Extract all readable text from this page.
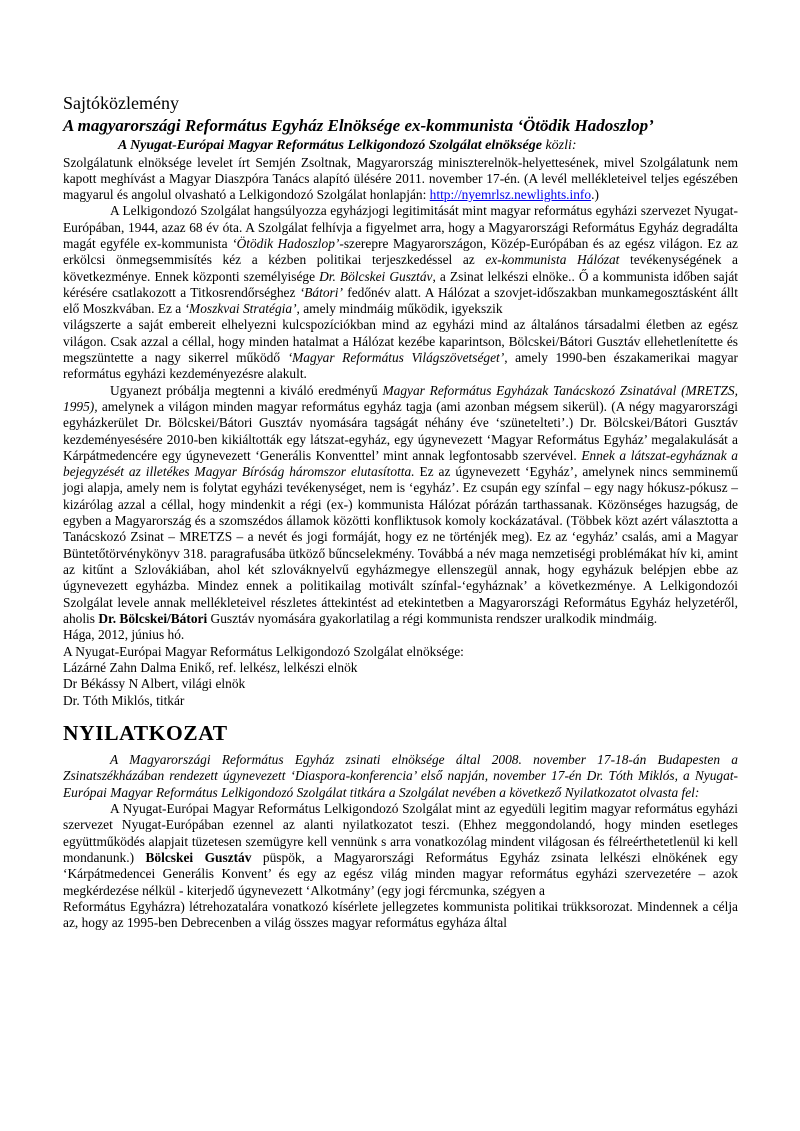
Sajtóközlemény
A magyarországi Református Egyház Elnöksége ex-kommunista ‘Ötödik Hadoszlop’
A Nyugat-Európai Magyar Református Lelkigondozó Szolgálat elnöksége közli:

Szolgálatunk elnöksége levelet írt Semjén Zsoltnak, Magyarország miniszterelnök-helyettesének, mivel Szolgálatunk nem kapott meghívást a Magyar Diaszpóra Tanács alapító ülésére 2011. november 17-én. (A levél mellékleteivel teljes egészében magyarul és angolul olvasható a Lelkigondozó Szolgálat honlapján: http://nyemrlsz.newlights.info.)

A Lelkigondozó Szolgálat hangsúlyozza egyházjogi legitimitását mint magyar református egyházi szervezet Nyugat-Európában, 1944, azaz 68 év óta. A Szolgálat felhívja a figyelmet arra, hogy a Magyarországi Református Egyház degradálta magát egyféle ex-kommunista ‘Ötödik Hadoszlop’-szerepre Magyarországon, Közép-Európában és az egész világon. Ez az erkölcsi önmegsemmisítés kéz a kézben politikai terjeszkedéssel az ex-kommunista Hálózat tevékenységének a következménye. Ennek központi személyisége Dr. Bölcskei Gusztáv, a Zsinat lelkészi elnöke.. Ő a kommunista időben saját kérésére csatlakozott a Titkosrendőrséghez ‘Bátori’ fedőnév alatt. A Hálózat a szovjet-időszakban munkamegosztásként állt elő Moszkvában. Ez a ‘Moszkvai Stratégia’, amely mindmáig működik, igyekszik
világszerte a saját embereit elhelyezni kulcspozíciókban mind az egyházi mind az általános társadalmi életben az egész világon. Csak azzal a céllal, hogy minden hatalmat a Hálózat kezébe kaparintson, Bölcskei/Bátori Gusztáv ellehetlenítette és megszüntette a nagy sikerrel működő ‘Magyar Református Világszövetséget’, amely 1990-ben északamerikai magyar református egyházi kezdeményezésre alakult.

Ugyanezt próbálja megtenni a kiváló eredményű Magyar Református Egyházak Tanácskozó Zsinatával (MRETZS, 1995), amelynek a világon minden magyar református egyház tagja (ami azonban mégsem sikerül). (A négy magyarországi egyházkerület Dr. Bölcskei/Bátori Gusztáv nyomására tagságát néhány éve ‘szünetelteti’.) Dr. Bölcskei/Bátori Gusztáv kezdeményesésére 2010-ben kikiáltották egy látszat-egyház, egy úgynevezett ‘Magyar Református Egyház’ megalakulását a Kárpátmedencére egy úgynevezett ‘Generális Konventtel’ mint annak legfontosabb szervével. Ennek a látszat-egyháznak a bejegyzését az illetékes Magyar Bíróság háromszor elutasította. Ez az úgynevezett ‘Egyház’, amelynek nincs semminemű jogi alapja, amely nem is folytat egyházi tevékenységet, nem is ‘egyház’. Ez csupán egy színfal – egy nagy hókusz-pókusz – kizárólag azzal a céllal, hogy mindenkit a régi (ex-) kommunista Hálózat pórázán tarthassanak. Közönséges hazugság, de egyben a Magyarország és a szomszédos államok közötti konfliktusok komoly kockázatával. (Többek közt azért választotta a Tanácskozó Zsinat – MRETZS – a nevét és jogi formáját, hogy ez ne történjék meg). Ez az ‘egyház’ csalás, ami a Magyar Büntetőtörvénykönyv 318. paragrafusába ütköző bűncselekmény. Továbbá a név maga nemzetiségi problémákat hív ki, amint az kitűnt a Szlovákiában, ahol két szlováknyelvű egyházmegye ellenszegül annak, hogy egyházuk belépjen ebbe az úgynevezett egyházba. Mindez ennek a politikailag motivált színfal-‘egyháznak’ a következménye. A Lelkigondozói Szolgálat levele annak mellékleteivel részletes áttekintést ad etekintetben a Magyarországi Református Egyház helyzetéről, aholis Dr. Bölcskei/Bátori Gusztáv nyomására gyakorlatilag a régi kommunista rendszer uralkodik mindmáig.

Hága, 2012, június hó.
A Nyugat-Európai Magyar Református Lelkigondozó Szolgálat elnöksége:
Lázárné Zahn Dalma Enikő, ref. lelkész, lelkészi elnök
Dr Békássy N Albert, világi elnök
Dr. Tóth Miklós, titkár
NYILATKOZAT

A Magyarországi Református Egyház zsinati elnöksége által 2008. november 17-18-án Budapesten a Zsinatszékházában rendezett úgynevezett ‘Diaspora-konferencia’ első napján, november 17-én Dr. Tóth Miklós, a Nyugat-Európai Magyar Református Lelkigondozó Szolgálat titkára a Szolgálat nevében a következő Nyilatkozatot olvasta fel:

A Nyugat-Európai Magyar Református Lelkigondozó Szolgálat mint az egyedüli legitim magyar református egyházi szervezet Nyugat-Európában ezennel az alanti nyilatkozatot teszi. (Ehhez meggondolandó, hogy minden esetleges együttműködés alapjait tüzetesen szemügyre kell vennünk s arra vonatkozólag mindent világosan és félreérthetetlenül ki kell mondanunk.) Bölcskei Gusztáv püspök, a Magyarországi Református Egyház zsinata lelkészi elnökének egy ‘Kárpátmedencei Generális Konvent’ és egy az egész világ minden magyar református egyházi szervezetére – azok megkérdezése nélkül - kiterjedő úgynevezett ‘Alkotmány’ (egy jogi fércmunka, szégyen a
Református Egyházra) létrehozatalára vonatkozó kísérlete jellegzetes kommunista politikai trükksorozat. Mindennek a célja az, hogy az 1995-ben Debrecenben a világ összes magyar református egyháza által
